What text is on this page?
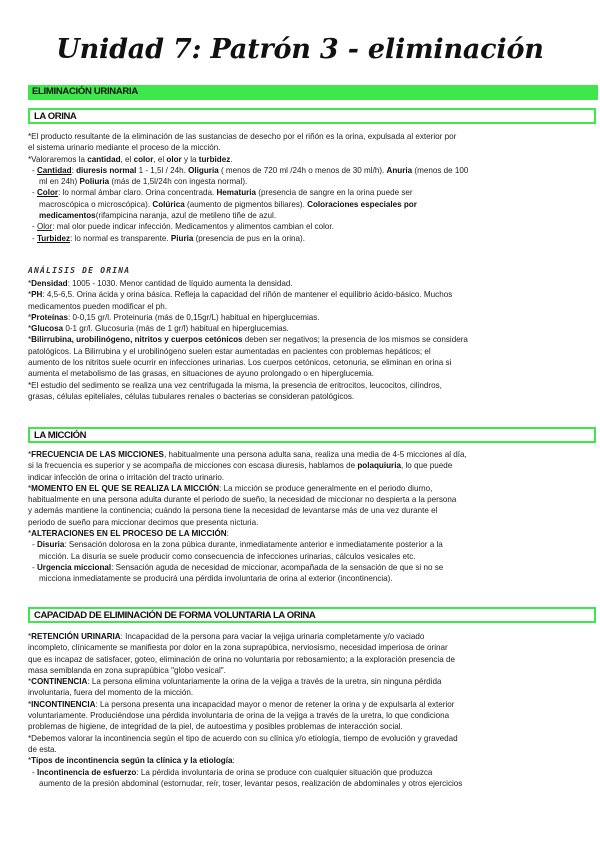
Unidad 7: Patrón 3 - eliminación
ELIMINACIÓN URINARIA
LA ORINA
*El producto resultante de la eliminación de las sustancias de desecho por el riñón es la orina, expulsada al exterior por
el sistema urinario mediante el proceso de la micción.
*Valoraremos la cantidad, el color, el olor y la turbidez.
- Cantidad: diuresis normal 1 - 1,5l / 24h. Oliguria ( menos de 720 ml /24h o menos de 30 ml/h). Anuria (menos de 100
ml en 24h) Poliuria (más de 1,5l/24h con ingesta normal).
- Color: lo normal ámbar claro. Orina concentrada. Hematuria (presencia de sangre en la orina puede ser
macroscópica o microscópica). Colúrica (aumento de pigmentos biliares). Coloraciones especiales por
medicamentos(rifampicina naranja, azul de metileno tiñe de azul.
- Olor: mal olor puede indicar infección. Medicamentos y alimentos cambian el color.
- Turbidez: lo normal es transparente. Piuria (presencia de pus en la orina).
ANÁLISIS DE ORINA
*Densidad: 1005 - 1030. Menor cantidad de líquido aumenta la densidad.
*PH: 4,5-6,5. Orina ácida y orina básica. Refleja la capacidad del riñón de mantener el equilibrio ácido-básico. Muchos
medicamentos pueden modificar el ph.
*Proteínas: 0-0,15 gr/l. Proteinuria (más de 0,15gr/L) habitual en hiperglucemias.
*Glucosa 0-1 gr/l. Glucosuria (más de 1 gr/l) habitual en hiperglucemias.
*Bilirrubina, urobilinógeno, nitritos y cuerpos cetónicos deben ser negativos; la presencia de los mismos se considera
patológicos. La Bilirrubina y el urobilinógeno suelen estar aumentadas en pacientes con problemas hepáticos; el
aumento de los nitritos suele ocurrir en infecciones urinarias. Los cuerpos cetónicos, cetonuria, se eliminan en orina si
aumenta el metabolismo de las grasas, en situaciones de ayuno prolongado o en hiperglucemia.
*El estudio del sedimento se realiza una vez centrifugada la misma, la presencia de eritrocitos, leucocitos, cilindros,
grasas, células epiteliales, células tubulares renales o bacterias se consideran patológicos.
LA MICCIÓN
*FRECUENCIA DE LAS MICCIONES, habitualmente una persona adulta sana, realiza una media de 4-5 micciones al día,
si la frecuencia es superior y se acompaña de micciones con escasa diuresis, hablamos de polaquiuria, lo que puede
indicar infección de orina o irritación del tracto urinario.
*MOMENTO EN EL QUE SE REALIZA LA MICCIÓN: La micción se produce generalmente en el periodo diurno,
habitualmente en una persona adulta durante el periodo de sueño, la necesidad de miccionar no despierta a la persona
y además mantiene la continencia; cuándo la persona tiene la necesidad de levantarse más de una vez durante el
periodo de sueño para miccionar decimos que presenta nicturia.
*ALTERACIONES EN EL PROCESO DE LA MICCIÓN:
- Disuria: Sensación dolorosa en la zona púbica durante, inmediatamente anterior e inmediatamente posterior a la
micción. La disuria se suele producir como consecuencia de infecciones urinarias, cálculos vesicales etc.
- Urgencia miccional: Sensación aguda de necesidad de miccionar, acompañada de la sensación de que si no se
micciona inmediatamente se producirá una pérdida involuntaria de orina al exterior (incontinencia).
CAPACIDAD DE ELIMINACIÓN DE FORMA VOLUNTARIA LA ORINA
*RETENCIÓN URINARIA: Incapacidad de la persona para vaciar la vejiga urinaria completamente y/o vaciado
incompleto, clínicamente se manifiesta por dolor en la zona suprapúbica, nerviosismo, necesidad imperiosa de orinar
que es incapaz de satisfacer, goteo, eliminación de orina no voluntaria por rebosamiento; a la exploración presencia de
masa semiblanda en zona suprapúbica "globo vesical".
*CONTINENCIA: La persona elimina voluntariamente la orina de la vejiga a través de la uretra, sin ninguna pérdida
involuntaria, fuera del momento de la micción.
*INCONTINENCIA: La persona presenta una incapacidad mayor o menor de retener la orina y de expulsarla al exterior
voluntariamente. Produciéndose una pérdida involuntaria de orina de la vejiga a través de la uretra, lo que condiciona
problemas de higiene, de integridad de la piel, de autoestima y posibles problemas de interacción social.
*Debemos valorar la incontinencia según el tipo de acuerdo con su clínica y/o etiología, tiempo de evolución y gravedad
de esta.
*Tipos de incontinencia según la clínica y la etiología:
- Incontinencia de esfuerzo: La pérdida involuntaria de orina se produce con cualquier situación que produzca
aumento de la presión abdominal (estornudar, reír, toser, levantar pesos, realización de abdominales y otros ejercicios
